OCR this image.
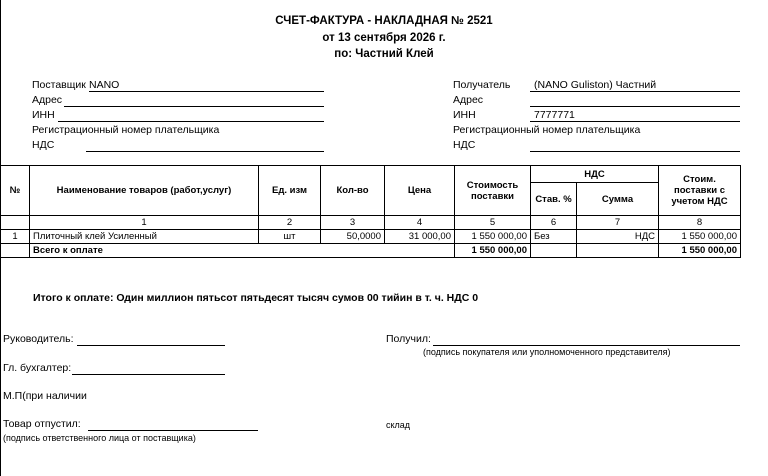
СЧЕТ-ФАКТУРА - НАКЛАДНАЯ № 2521
от 13 сентября 2026 г.
по: Частний Клей
Поставщик NANO
Адрес
ИНН
Регистрационный номер плательщика
НДС
Получатель (NANO Guliston) Частний
Адрес
ИНН	7777771
Регистрационный номер плательщика
НДС
№	Наименование товаров (работ,услуг)	Ед. изм	Кол-во	Цена	Стоимость поставки	НДС		Стоим. поставки с учетом НДС
						Став. %	Сумма	
	1	2	3	4	5	6	7	8
1	Плиточный клей Усиленный	шт	50,0000	31 000,00	1 550 000,00	Без	НДС	1 550 000,00
	Всего к оплате				1 550 000,00			1 550 000,00
Итого к оплате: Один миллион пятьсот пятьдесят тысяч сумов 00 тийин в т. ч. НДС 0
Руководитель:
Гл. бухгалтер:
М.П(при наличии
Товар отпустил:
(подпись ответственного лица от поставщика)
Получил:
(подпись покупателя или уполномоченного представителя)
склад
